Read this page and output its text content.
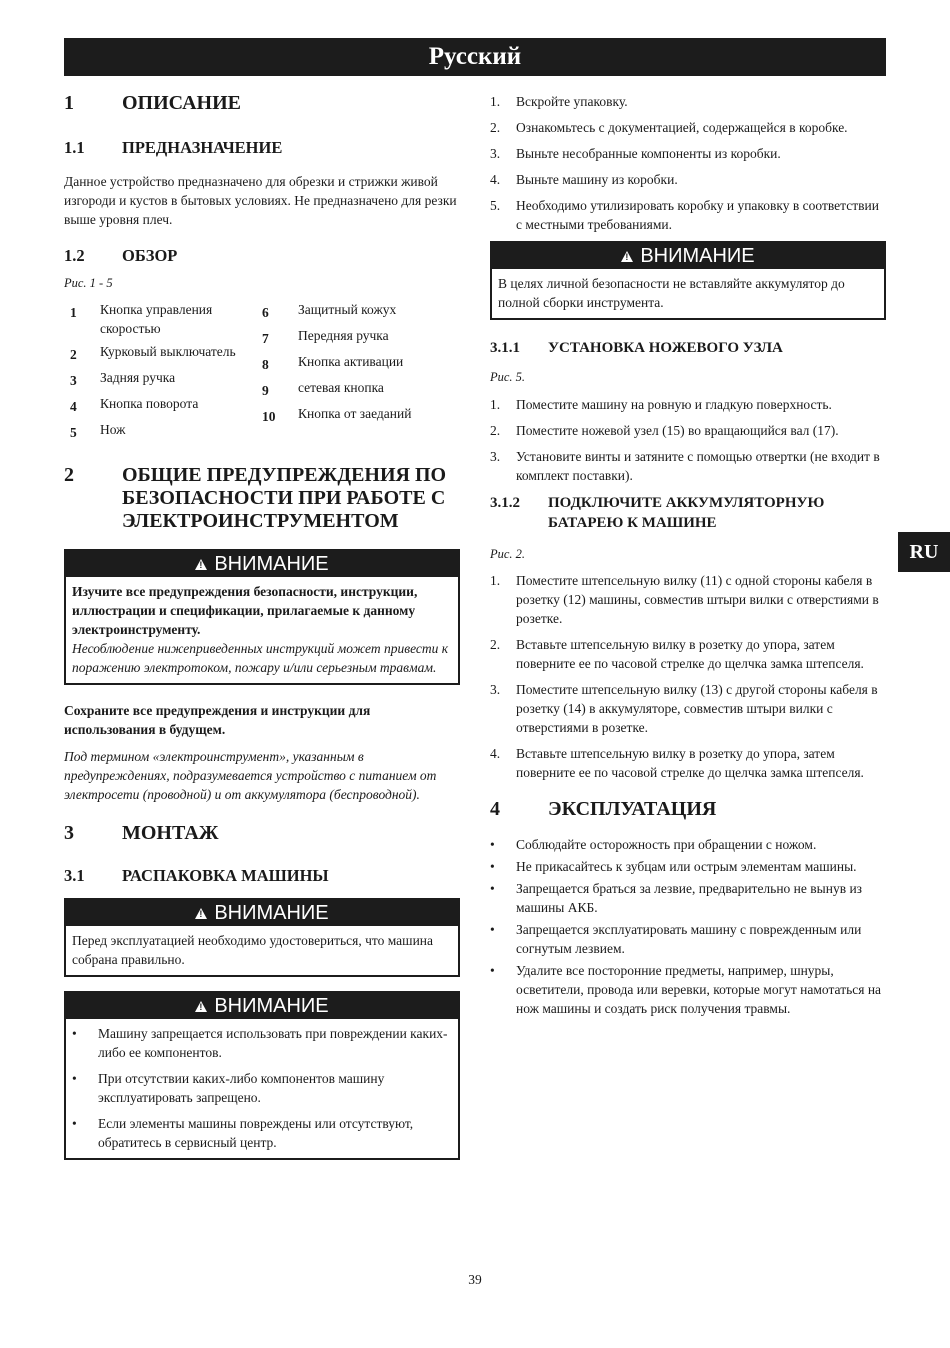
Русский
RU
1	ОПИСАНИЕ
1.1	ПРЕДНАЗНАЧЕНИЕ

Данное устройство предназначено для обрезки и стрижки живой изгороди и кустов в бытовых условиях. Не предназначено для резки выше уровня плеч.

1.2	ОБЗОР

Рис. 1 - 5

1	Кнопка управления скоростью
2	Курковый выключатель
3	Задняя ручка
4	Кнопка поворота
5	Нож
6	Защитный кожух
7	Передняя ручка
8	Кнопка активации
9	сетевая кнопка
10	Кнопка от заеданий
2	ОБЩИЕ ПРЕДУПРЕЖДЕНИЯ ПО БЕЗОПАСНОСТИ ПРИ РАБОТЕ С ЭЛЕКТРОИНСТРУМЕНТОМ
!
ВНИМАНИЕ
Изучите все предупреждения безопасности, инструкции, иллюстрации и спецификации, прилагаемые к данному электроинструменту.
Несоблюдение нижеприведенных инструкций может привести к поражению электротоком, пожару и/или серьезным травмам.

Сохраните все предупреждения и инструкции для использования в будущем.

Под термином «электроинструмент», указанным в предупреждениях, подразумевается устройство с питанием от электросети (проводной) и от аккумулятора (беспроводной).

3	МОНТАЖ
3.1	РАСПАКОВКА МАШИНЫ
!
ВНИМАНИЕ
Перед эксплуатацией необходимо удостовериться, что машина собрана правильно.
!
ВНИМАНИЕ
•	Машину запрещается использовать при повреждении каких-либо ее компонентов.
•	При отсутствии каких-либо компонентов машину эксплуатировать запрещено.
•	Если элементы машины повреждены или отсутствуют, обратитесь в сервисный центр.
1.	Вскройте упаковку.
2.	Ознакомьтесь с документацией, содержащейся в коробке.
3.	Выньте несобранные компоненты из коробки.
4.	Выньте машину из коробки.
5.	Необходимо утилизировать коробку и упаковку в соответствии с местными требованиями.
!
ВНИМАНИЕ
В целях личной безопасности не вставляйте аккумулятор до полной сборки инструмента.
3.1.1	УСТАНОВКА НОЖЕВОГО УЗЛА

Рис. 5.

1.	Поместите машину на ровную и гладкую поверхность.
2.	Поместите ножевой узел (15) во вращающийся вал (17).
3.	Установите винты и затяните с помощью отвертки (не входит в комплект поставки).
3.1.2	ПОДКЛЮЧИТЕ АККУМУЛЯТОРНУЮ БАТАРЕЮ К МАШИНЕ

Рис. 2.

1.	Поместите штепсельную вилку (11) с одной стороны кабеля в розетку (12) машины, совместив штыри вилки с отверстиями в розетке.
2.	Вставьте штепсельную вилку в розетку до упора, затем поверните ее по часовой стрелке до щелчка замка штепселя.
3.	Поместите штепсельную вилку (13) с другой стороны кабеля в розетку (14) в аккумуляторе, совместив штыри вилки с отверстиями в розетке.
4.	Вставьте штепсельную вилку в розетку до упора, затем поверните ее по часовой стрелке до щелчка замка штепселя.
4	ЭКСПЛУАТАЦИЯ
•	Соблюдайте осторожность при обращении с ножом.
•	Не прикасайтесь к зубцам или острым элементам машины.
•	Запрещается браться за лезвие, предварительно не вынув из машины АКБ.
•	Запрещается эксплуатировать машину с поврежденным или согнутым лезвием.
•	Удалите все посторонние предметы, например, шнуры, осветители, провода или веревки, которые могут намотаться на нож машины и создать риск получения травмы.
39
